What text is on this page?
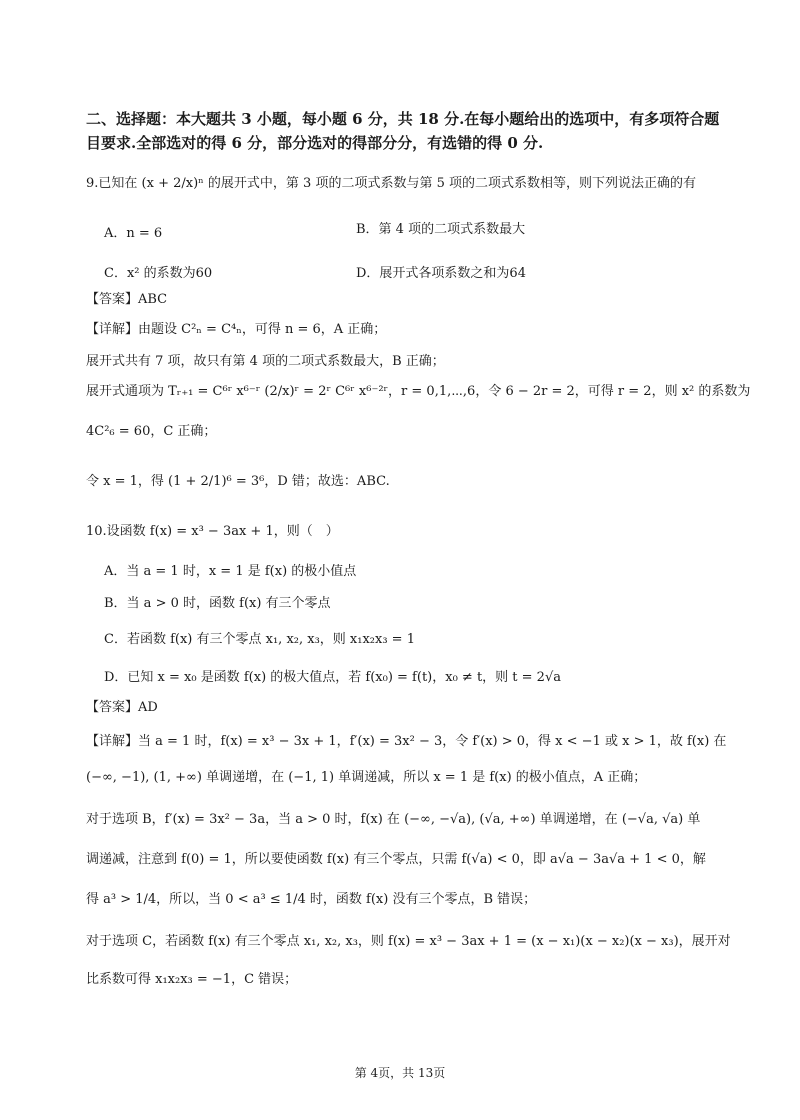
二、选择题：本大题共 3 小题，每小题 6 分，共 18 分.在每小题给出的选项中，有多项符合题
目要求.全部选对的得 6 分，部分选对的得部分分，有选错的得 0 分.
9.已知在 (x + 2/x)ⁿ 的展开式中，第 3 项的二项式系数与第 5 项的二项式系数相等，则下列说法正确的有
A．n = 6	B．第 4 项的二项式系数最大
C．x² 的系数为60	D．展开式各项系数之和为64
【答案】ABC
【详解】由题设 C²ₙ = C⁴ₙ，可得 n = 6，A 正确；
展开式共有 7 项，故只有第 4 项的二项式系数最大，B 正确；
展开式通项为 Tᵣ₊₁ = C⁶ʳ x⁶⁻ʳ (2/x)ʳ = 2ʳ C⁶ʳ x⁶⁻²ʳ，r = 0,1,⋯,6，令 6 − 2r = 2，可得 r = 2，则 x² 的系数为
4C²₆ = 60，C 正确；
令 x = 1，得 (1 + 2/1)⁶ = 3⁶，D 错；故选：ABC.
10.设函数 f(x) = x³ − 3ax + 1，则（　）
A．当 a = 1 时，x = 1 是 f(x) 的极小值点
B．当 a > 0 时，函数 f(x) 有三个零点
C．若函数 f(x) 有三个零点 x₁, x₂, x₃，则 x₁x₂x₃ = 1
D．已知 x = x₀ 是函数 f(x) 的极大值点，若 f(x₀) = f(t)，x₀ ≠ t，则 t = 2√a
【答案】AD
【详解】当 a = 1 时，f(x) = x³ − 3x + 1，f′(x) = 3x² − 3，令 f′(x) > 0，得 x < −1 或 x > 1，故 f(x) 在
(−∞, −1), (1, +∞) 单调递增，在 (−1, 1) 单调递减，所以 x = 1 是 f(x) 的极小值点，A 正确；
对于选项 B，f′(x) = 3x² − 3a，当 a > 0 时，f(x) 在 (−∞, −√a), (√a, +∞) 单调递增，在 (−√a, √a) 单
调递减，注意到 f(0) = 1，所以要使函数 f(x) 有三个零点，只需 f(√a) < 0，即 a√a − 3a√a + 1 < 0，解
得 a³ > 1/4，所以，当 0 < a³ ≤ 1/4 时，函数 f(x) 没有三个零点，B 错误；
对于选项 C，若函数 f(x) 有三个零点 x₁, x₂, x₃，则 f(x) = x³ − 3ax + 1 = (x − x₁)(x − x₂)(x − x₃)，展开对
比系数可得 x₁x₂x₃ = −1，C 错误；
第 4页，共 13页
